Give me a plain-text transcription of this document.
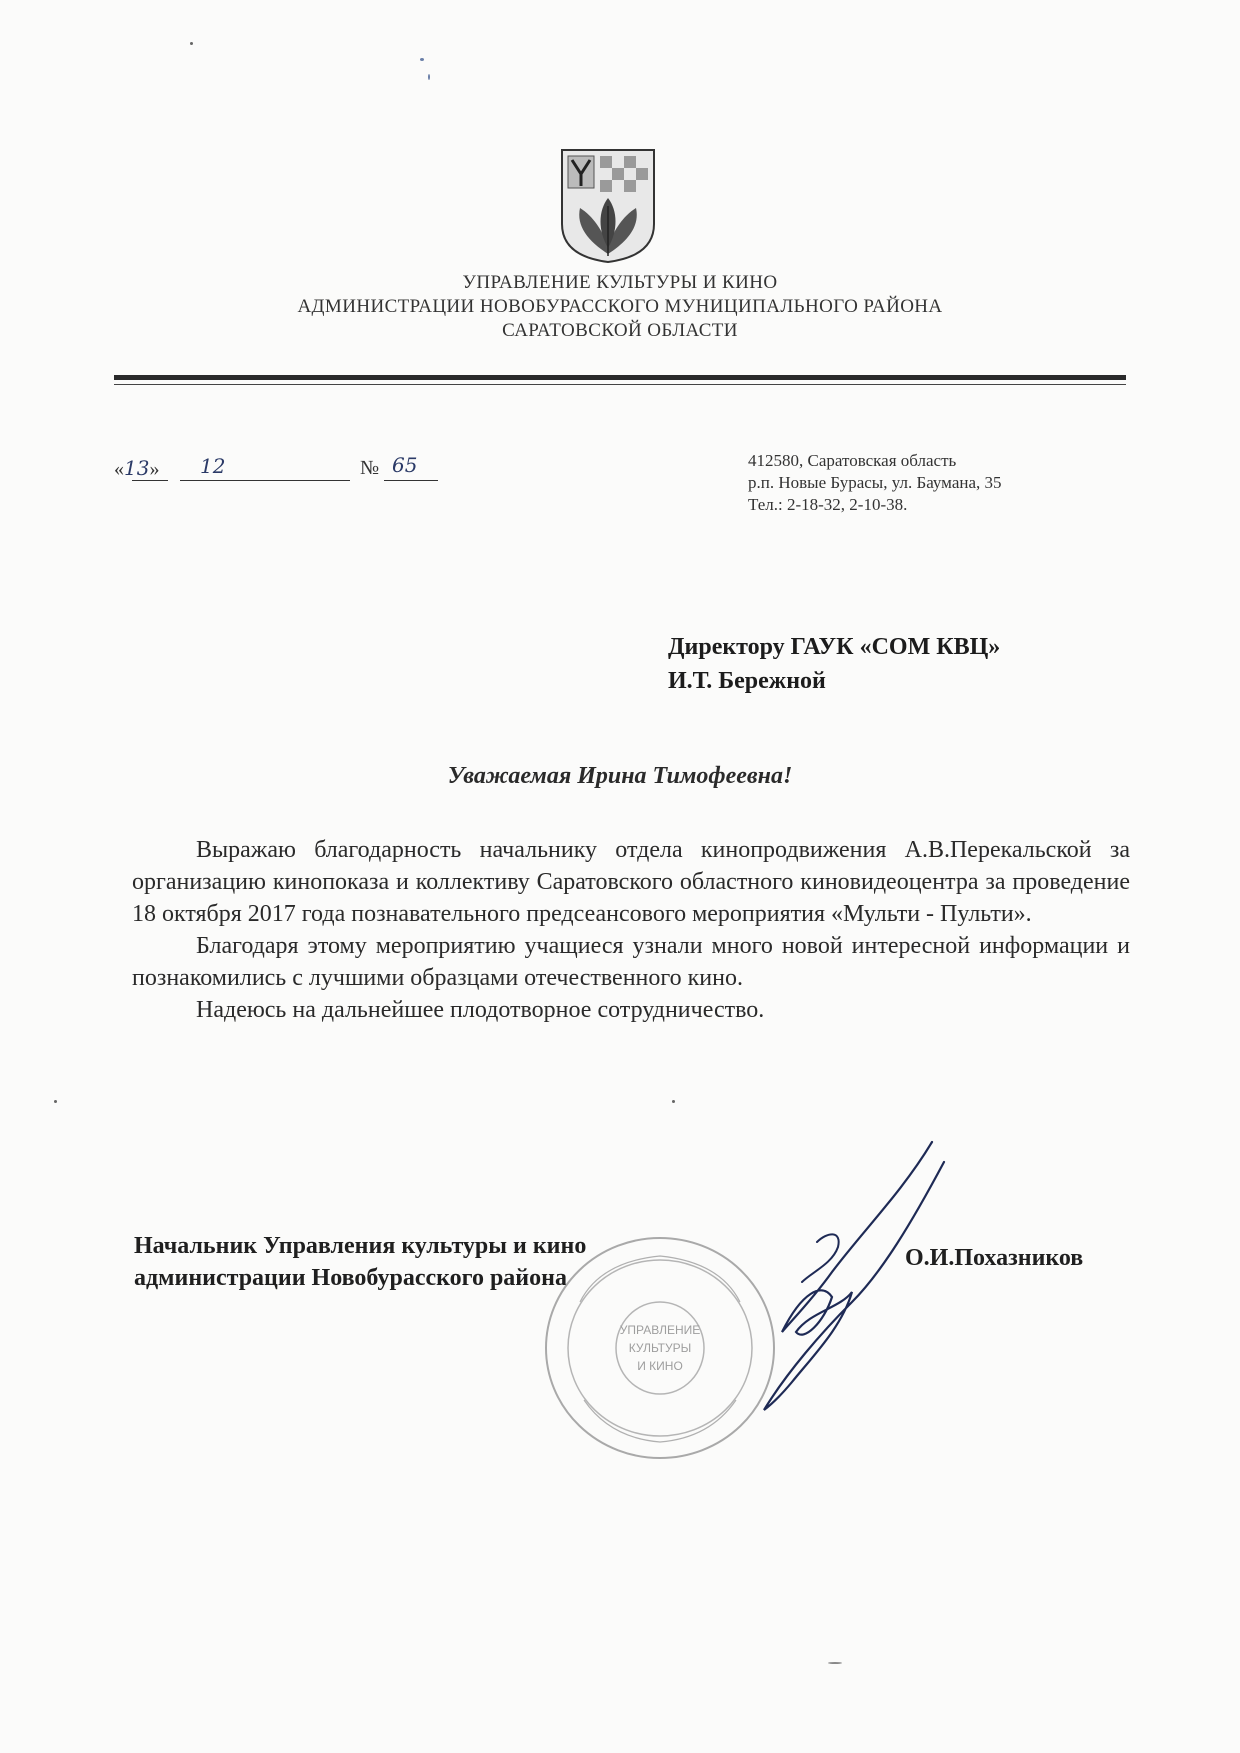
УПРАВЛЕНИЕ КУЛЬТУРЫ И КИНО
АДМИНИСТРАЦИИ НОВОБУРАССКОГО МУНИЦИПАЛЬНОГО РАЙОНА
САРАТОВСКОЙ ОБЛАСТИ
«13» 12	№ 65	412580, Саратовская область
р.п. Новые Бурасы, ул. Баумана, 35
Тел.: 2-18-32, 2-10-38.
Директору ГАУК «СОМ КВЦ»
И.Т. Бережной
Уважаемая Ирина Тимофеевна!

Выражаю благодарность начальнику отдела кинопродвижения А.В.Перекальской за организацию кинопоказа и коллективу Саратовского областного киновидеоцентра за проведение 18 октября 2017 года познавательного предсеансового мероприятия «Мульти - Пульти».

Благодаря этому мероприятию учащиеся узнали много новой интересной информации и познакомились с лучшими образцами отечественного кино.

Надеюсь на дальнейшее плодотворное сотрудничество.

Начальник Управления культуры и кино
администрации Новобурасского района
О.И.Похазников
УПРАВЛЕНИЕ
КУЛЬТУРЫ
И КИНО
